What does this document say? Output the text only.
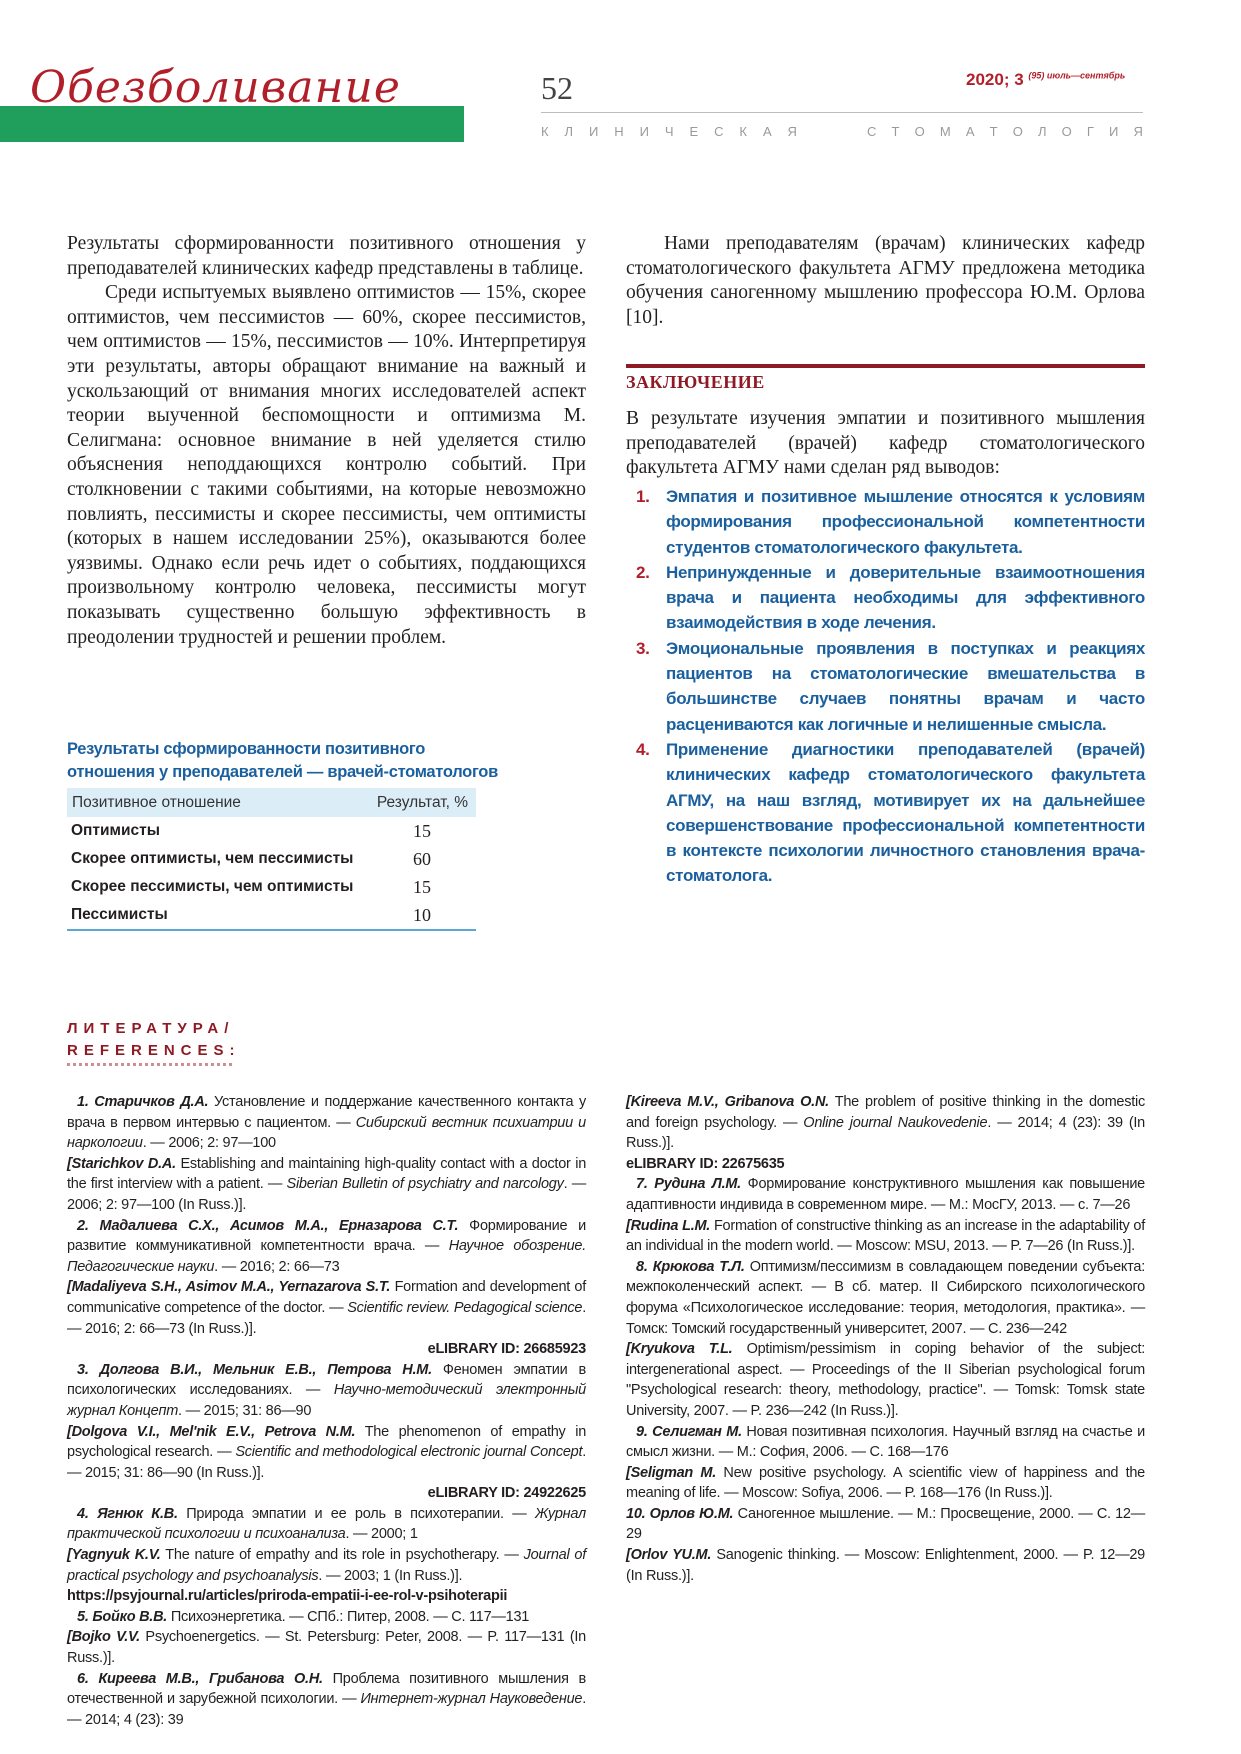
Обезболивание	52	2020; 3 $^{(95) июль—сентябрь}$
К Л И Н И Ч Е С К А Я	С Т О М А Т О Л О Г И Я

Результаты сформированности позитивного отношения у преподавателей клинических кафедр представлены в таблице.

Среди испытуемых выявлено оптимистов — 15%, скорее оптимистов, чем пессимистов — 60%, скорее пессимистов, чем оптимистов — 15%, пессимистов — 10%. Интерпретируя эти результаты, авторы обращают внимание на важный и ускользающий от внимания многих исследователей аспект теории выученной беспомощности и оптимизма М. Селигмана: основное внимание в ней уделяется стилю объяснения неподдающихся контролю событий. При столкновении с такими событиями, на которые невозможно повлиять, пессимисты и скорее пессимисты, чем оптимисты (которых в нашем исследовании 25%), оказываются более уязвимы. Однако если речь идет о событиях, поддающихся произвольному контролю человека, пессимисты могут показывать существенно большую эффективность в преодолении трудностей и решении проблем.

Нами преподавателям (врачам) клинических кафедр стоматологического факультета АГМУ предложена методика обучения саногенному мышлению профессора Ю.М. Орлова [10].

ЗАКЛЮЧЕНИЕ

В результате изучения эмпатии и позитивного мышления преподавателей (врачей) кафедр стоматологического факультета АГМУ нами сделан ряд выводов:

1. Эмпатия и позитивное мышление относятся к условиям формирования профессиональной компетентности студентов стоматологического факультета.
2. Непринужденные и доверительные взаимоотношения врача и пациента необходимы для эффективного взаимодействия в ходе лечения.
3. Эмоциональные проявления в поступках и реакциях пациентов на стоматологические вмешательства в большинстве случаев понятны врачам и часто расцениваются как логичные и нелишенные смысла.
4. Применение диагностики преподавателей (врачей) клинических кафедр стоматологического факультета АГМУ, на наш взгляд, мотивирует их на дальнейшее совершенствование профессиональной компетентности в контексте психологии личностного становления врача-стоматолога.
Результаты сформированности позитивного
отношения у преподавателей — врачей-стоматологов
Позитивное отношение	Результат, %
Оптимисты	15
Скорее оптимисты, чем пессимисты	60
Скорее пессимисты, чем оптимисты	15
Пессимисты	10
ЛИТЕРАТУРА/
REFERENCES:

1. Старичков Д.А. Установление и поддержание качественного контакта у врача в первом интервью с пациентом. — Сибирский вестник психиатрии и наркологии. — 2006; 2: 97—100

[Starichkov D.A. Establishing and maintaining high-quality contact with a doctor in the first interview with a patient. — Siberian Bulletin of psychiatry and narcology. — 2006; 2: 97—100 (In Russ.)].

2. Мадалиева С.Х., Асимов М.А., Ерназарова С.Т. Формирование и развитие коммуникативной компетентности врача. — Научное обозрение. Педагогические науки. — 2016; 2: 66—73

[Madaliyeva S.H., Asimov M.A., Yernazarova S.T. Formation and development of communicative competence of the doctor. — Scientific review. Pedagogical science. — 2016; 2: 66—73 (In Russ.)].

eLIBRARY ID: 26685923

3. Долгова В.И., Мельник Е.В., Петрова Н.М. Феномен эмпатии в психологических исследованиях. — Научно-методический электронный журнал Концепт. — 2015; 31: 86—90

[Dolgova V.I., Mel'nik E.V., Petrova N.M. The phenomenon of empathy in psychological research. — Scientific and methodological electronic journal Concept. — 2015; 31: 86—90 (In Russ.)].

eLIBRARY ID: 24922625

4. Ягнюк К.В. Природа эмпатии и ее роль в психотерапии. — Журнал практической психологии и психоанализа. — 2000; 1

[Yagnyuk K.V. The nature of empathy and its role in psychotherapy. — Journal of practical psychology and psychoanalysis. — 2003; 1 (In Russ.)].

https://psyjournal.ru/articles/priroda-empatii-i-ee-rol-v-psihoterapii

5. Бойко В.В. Психоэнергетика. — СПб.: Питер, 2008. — С. 117—131

[Bojko V.V. Psychoenergetics. — St. Petersburg: Peter, 2008. — P. 117—131 (In Russ.)].

6. Киреева М.В., Грибанова О.Н. Проблема позитивного мышления в отечественной и зарубежной психологии. — Интернет-журнал Науковедение. — 2014; 4 (23): 39

[Kireeva M.V., Gribanova O.N. The problem of positive thinking in the domestic and foreign psychology. — Online journal Naukovedenie. — 2014; 4 (23): 39 (In Russ.)].

eLIBRARY ID: 22675635

7. Рудина Л.М. Формирование конструктивного мышления как повышение адаптивности индивида в современном мире. — М.: МосГУ, 2013. — с. 7—26

[Rudina L.M. Formation of constructive thinking as an increase in the adaptability of an individual in the modern world. — Moscow: MSU, 2013. — P. 7—26 (In Russ.)].

8. Крюкова Т.Л. Оптимизм/пессимизм в совладающем поведении субъекта: межпоколенческий аспект. — В сб. матер. II Сибирского психологического форума «Психологическое исследование: теория, методология, практика». — Томск: Томский государственный университет, 2007. — С. 236—242

[Kryukova T.L. Optimism/pessimism in coping behavior of the subject: intergenerational aspect. — Proceedings of the II Siberian psychological forum "Psychological research: theory, methodology, practice". — Tomsk: Tomsk state University, 2007. — P. 236—242 (In Russ.)].

9. Селигман М. Новая позитивная психология. Научный взгляд на счастье и смысл жизни. — М.: София, 2006. — С. 168—176

[Seligman M. New positive psychology. A scientific view of happiness and the meaning of life. — Moscow: Sofiya, 2006. — P. 168—176 (In Russ.)].

10. Орлов Ю.М. Саногенное мышление. — М.: Просвещение, 2000. — С. 12—29

[Orlov YU.M. Sanogenic thinking. — Moscow: Enlightenment, 2000. — P. 12—29 (In Russ.)].
